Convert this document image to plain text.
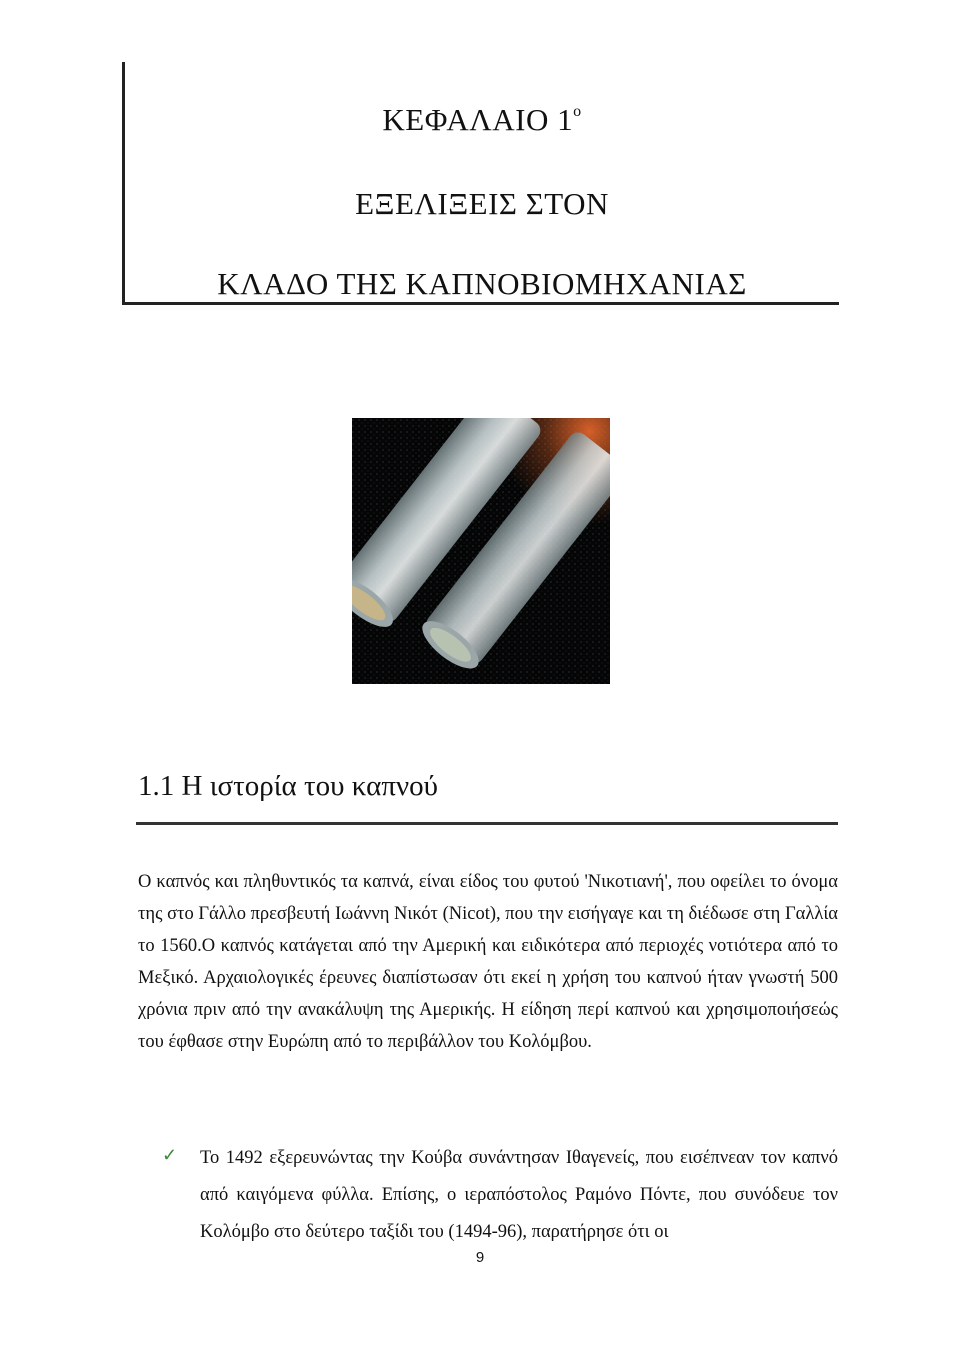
ΚΕΦΑΛΑΙΟ $1^o$
ΕΞΕΛΙΞΕΙΣ ΣΤΟΝ
ΚΛΑΔΟ ΤΗΣ ΚΑΠΝΟΒΙΟΜΗΧΑΝΙΑΣ
1.1 Η ιστορία του καπνού

Ο καπνός και πληθυντικός τα καπνά, είναι είδος του φυτού 'Νικοτιανή', που οφείλει το όνομα της στο Γάλλο πρεσβευτή Ιωάννη Νικότ (Nicot), που την εισήγαγε και τη διέδωσε στη Γαλλία το 1560.Ο καπνός κατάγεται από την Αμερική και ειδικότερα από περιοχές νοτιότερα από το Μεξικό. Αρχαιολογικές έρευνες διαπίστωσαν ότι εκεί η χρήση του καπνού ήταν γνωστή 500 χρόνια πριν από την ανακάλυψη της Αμερικής. Η είδηση περί καπνού και χρησιμοποιήσεώς του έφθασε στην Ευρώπη από το περιβάλλον του Κολόμβου.

✓	Το 1492 εξερευνώντας την Κούβα συνάντησαν Ιθαγενείς, που εισέπνεαν τον καπνό από καιγόμενα φύλλα. Επίσης, ο ιεραπόστολος Ραμόνο Πόντε, που συνόδευε τον Κολόμβο στο δεύτερο ταξίδι του (1494-96), παρατήρησε ότι οι

9
